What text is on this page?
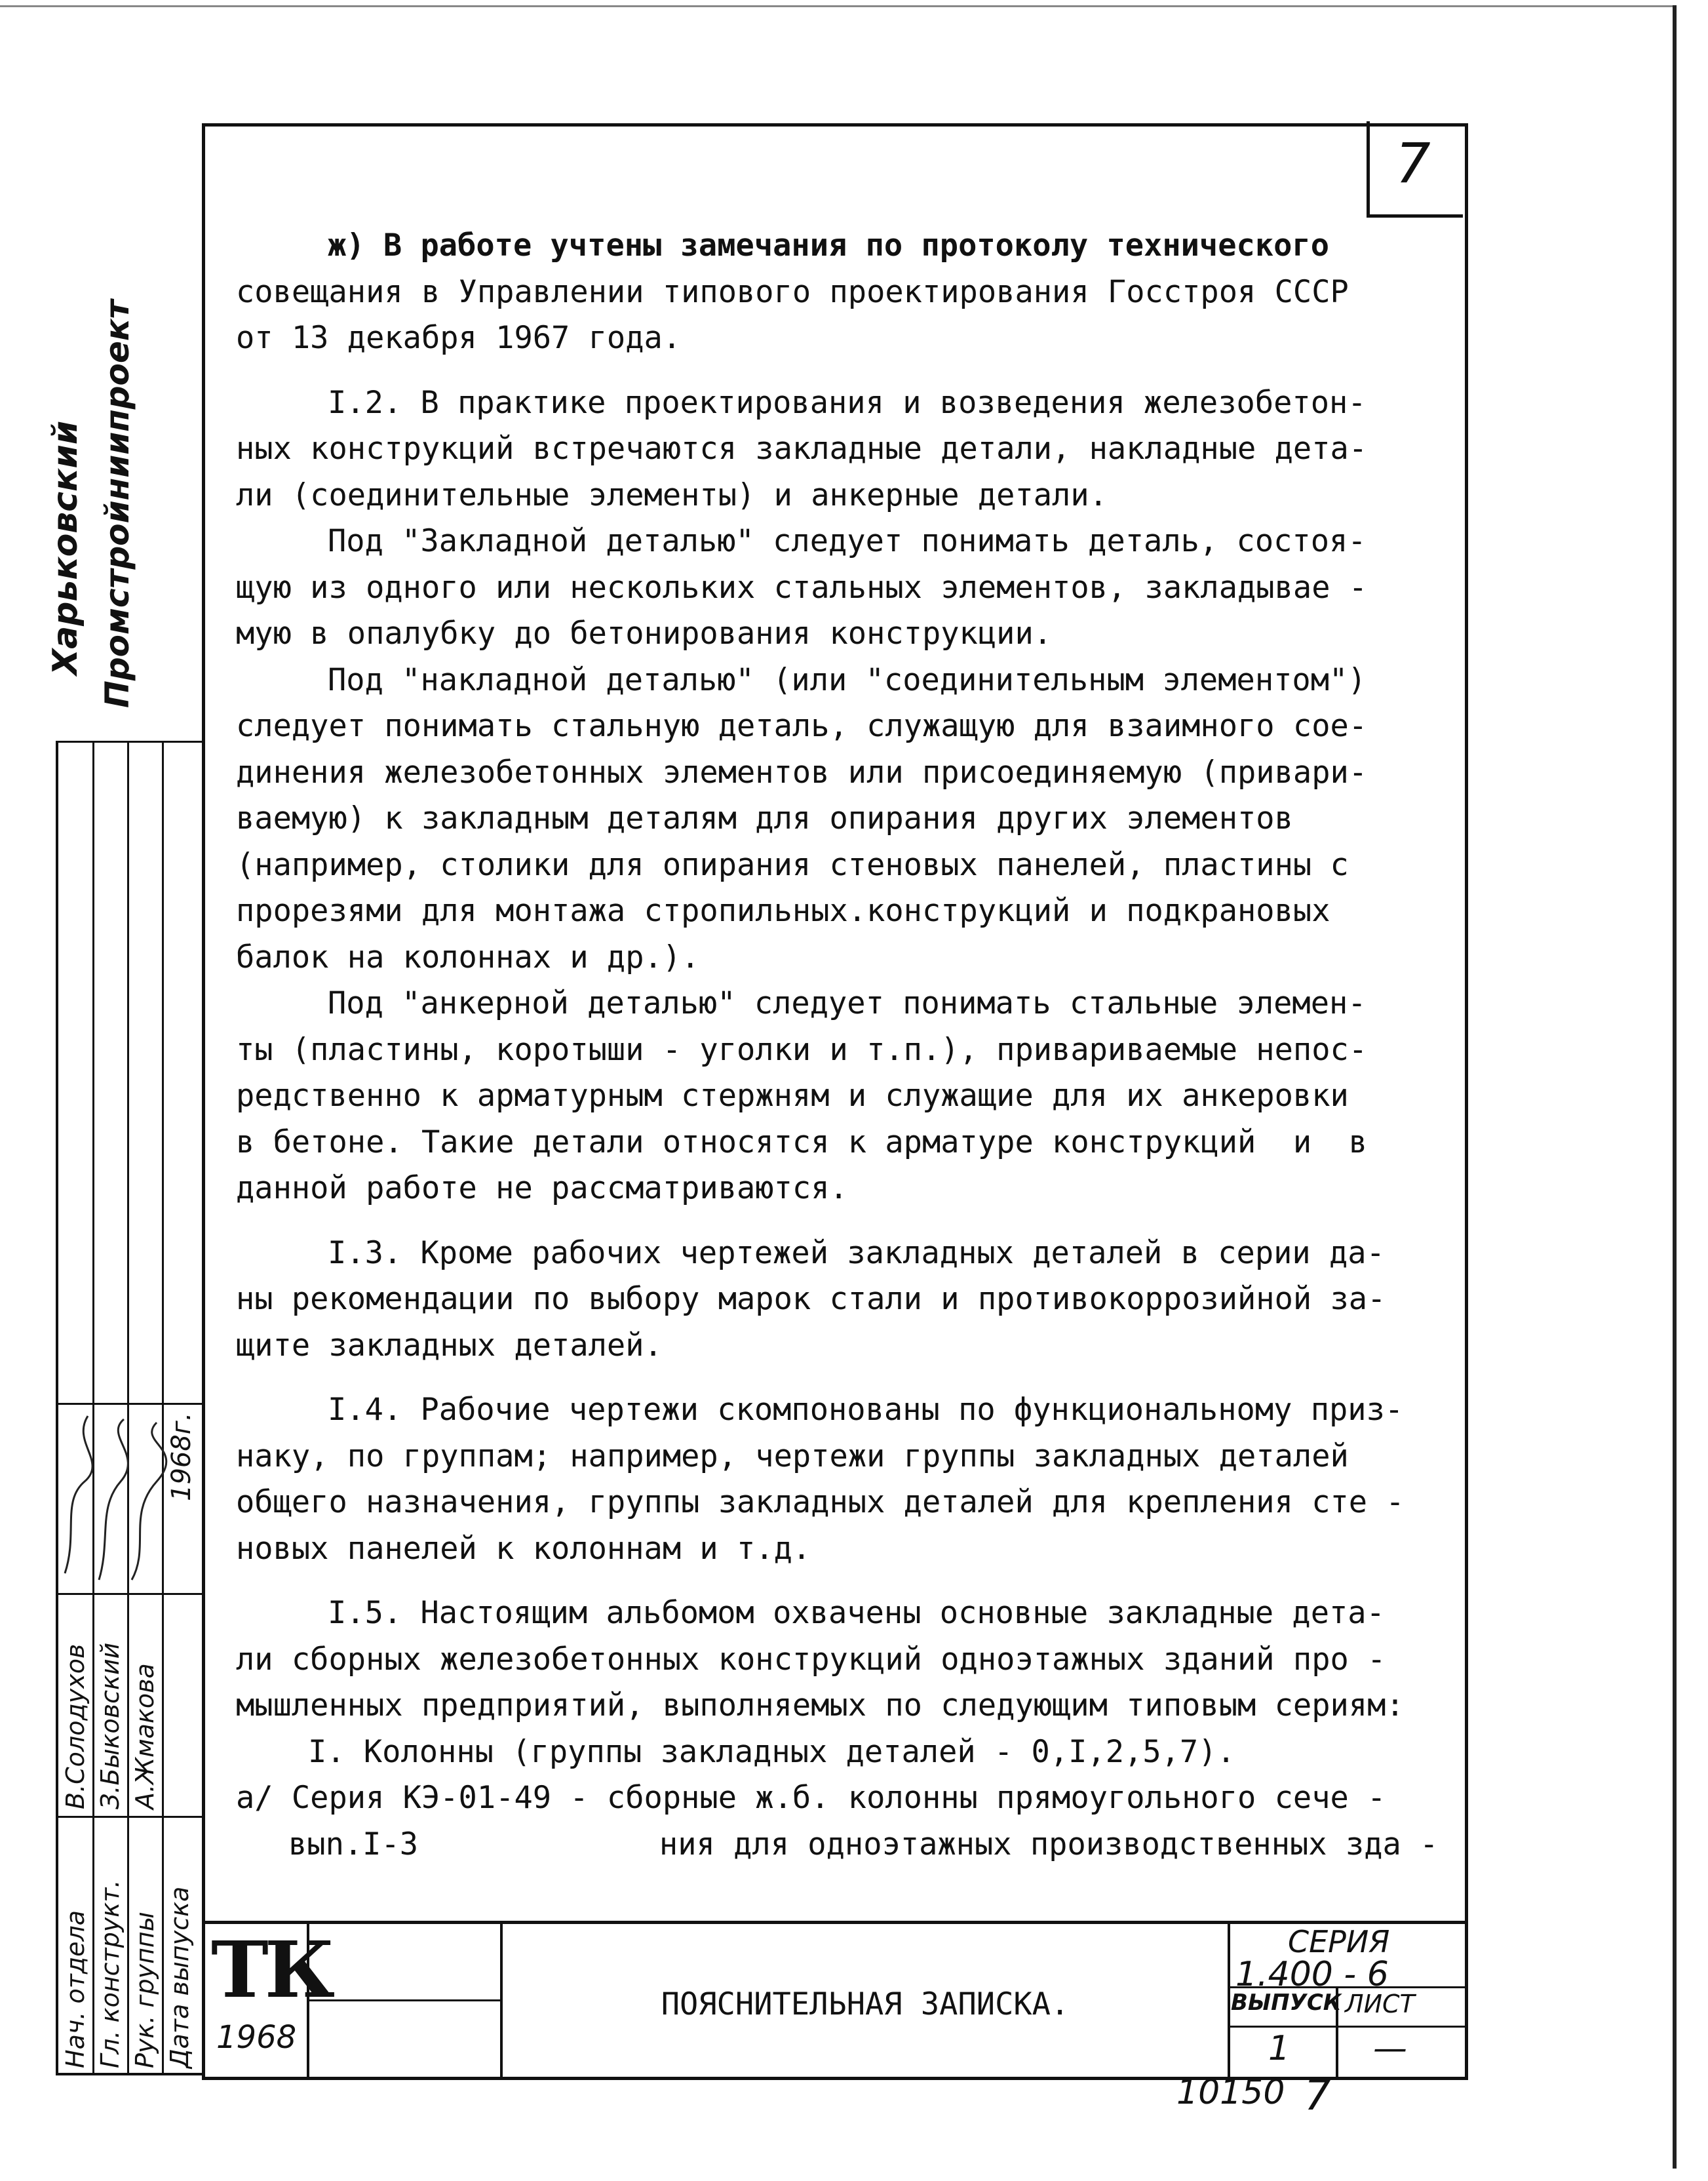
7
ж) В работе учтены замечания по протоколу технического
совещания в Управлении типового проектирования Госстроя СССР
от 13 декабря 1967 года.
I.2. В практике проектирования и возведения железобетон-
ных конструкций встречаются закладные детали, накладные дета-
ли (соединительные элементы) и анкерные детали.
Под "Закладной деталью" следует понимать деталь, состоя-
щую из одного или нескольких стальных элементов, закладывае -
мую в опалубку до бетонирования конструкции.
Под "накладной деталью" (или "соединительным элементом")
следует понимать стальную деталь, служащую для взаимного сое-
динения железобетонных элементов или присоединяемую (привари-
ваемую) к закладным деталям для опирания других элементов
(например, столики для опирания стеновых панелей, пластины с
прорезями для монтажа стропильных.конструкций и подкрановых
балок на колоннах и др.).
Под "анкерной деталью" следует понимать стальные элемен-
ты (пластины, коротыши - уголки и т.п.), привариваемые непос-
редственно к арматурным стержням и служащие для их анкеровки
в бетоне. Такие детали относятся к арматуре конструкций  и  в
данной работе не рассматриваются.
I.3. Кроме рабочих чертежей закладных деталей в серии да-
ны рекомендации по выбору марок стали и противокоррозийной за-
щите закладных деталей.
I.4. Рабочие чертежи скомпонованы по функциональному приз-
наку, по группам; например, чертежи группы закладных деталей
общего назначения, группы закладных деталей для крепления сте -
новых панелей к колоннам и т.д.
I.5. Настоящим альбомом охвачены основные закладные дета-
ли сборных железобетонных конструкций одноэтажных зданий про -
мышленных предприятий, выполняемых по следующим типовым сериям:
I. Колонны (группы закладных деталей - 0,I,2,5,7).
а/ Серия КЭ-01-49 - сборные ж.б. колонны прямоугольного сече -
выn.I-3             ния для одноэтажных производственных зда -
Харьковский Промстройниипроект
Нач. отдела Гл. конструкт. Рук. группы Дата выпуска
В.Солодухов З.Быковский А.Жмакова
1968г.
ТК
1968
ПОЯСНИТЕЛЬНАЯ ЗАПИСКА.
СЕРИЯ
1.400 - 6
ВЫПУСК ЛИСТ
1 —
10150 7
